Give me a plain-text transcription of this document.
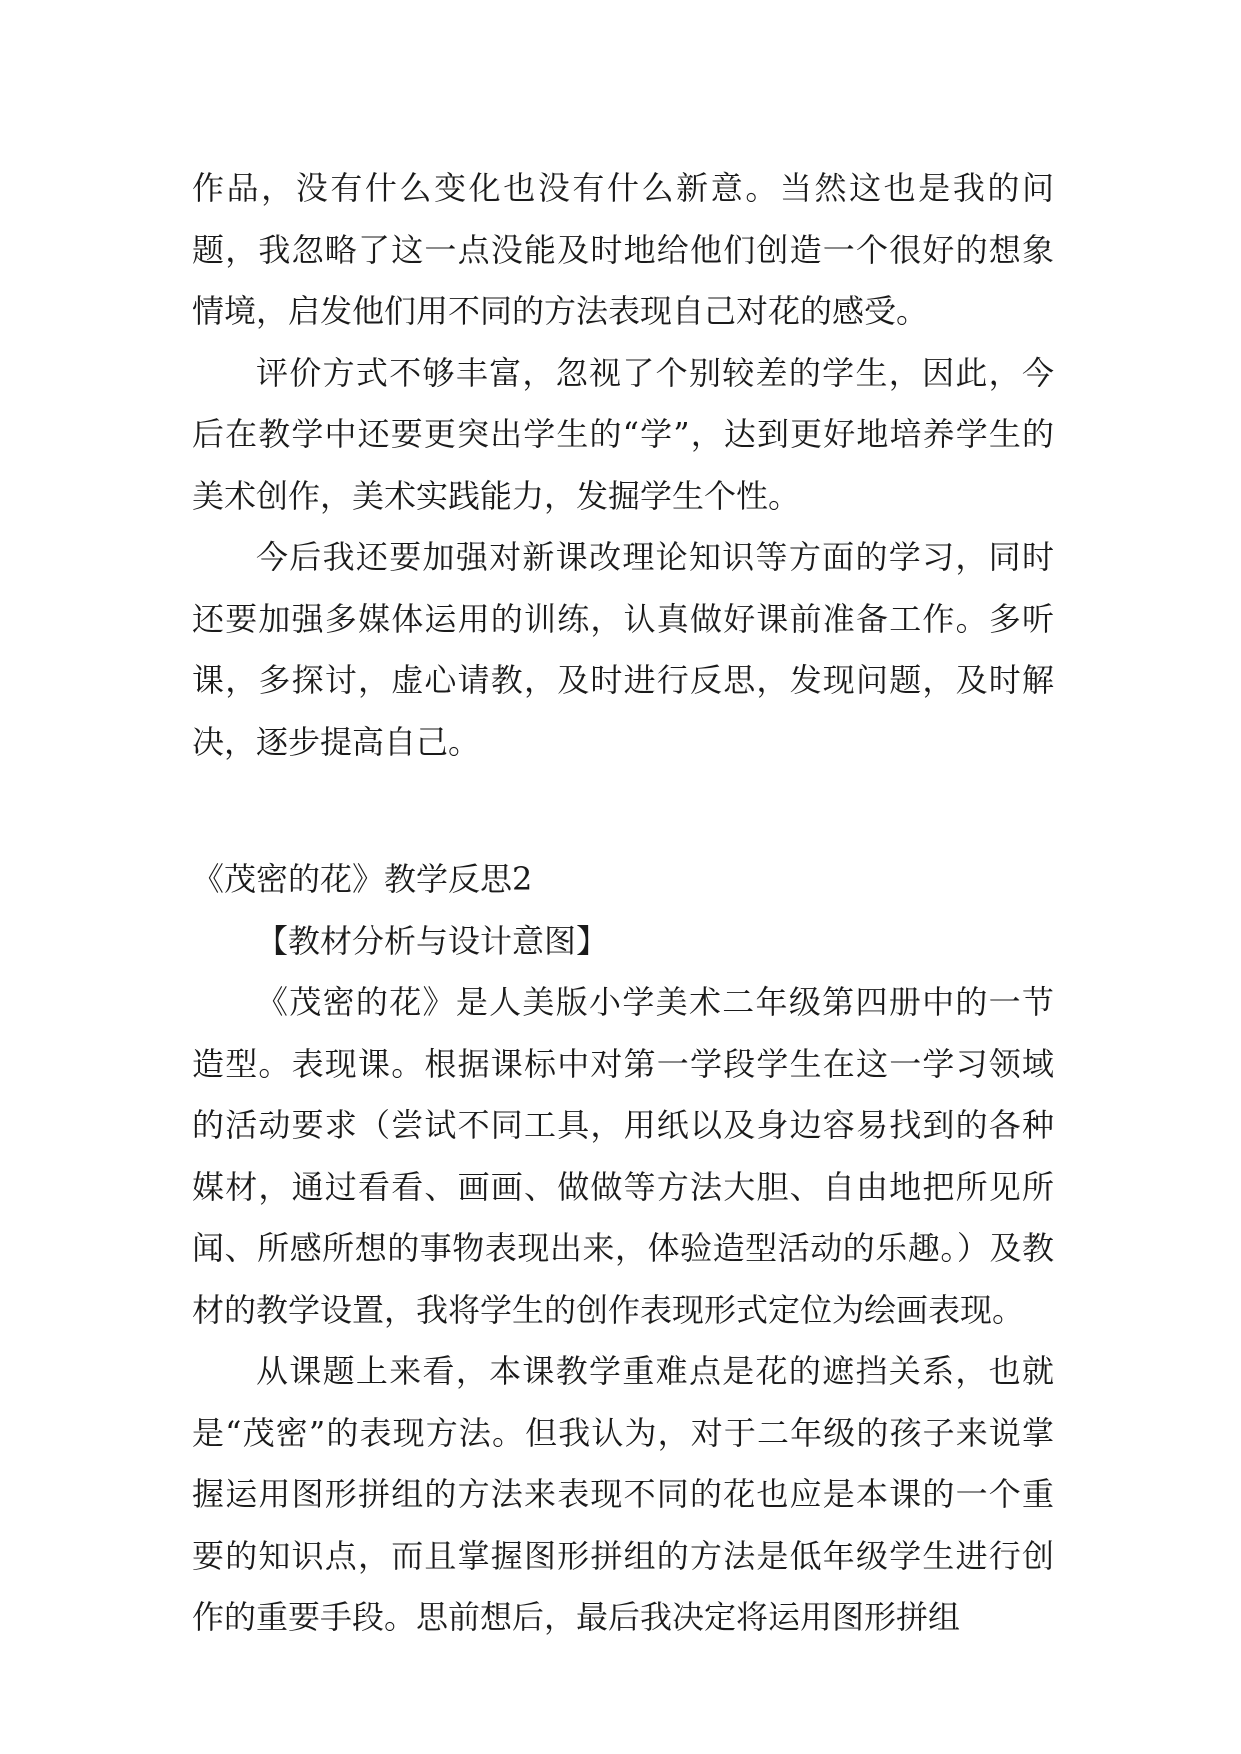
作品，没有什么变化也没有什么新意。当然这也是我的问题，我忽略了这一点没能及时地给他们创造一个很好的想象情境，启发他们用不同的方法表现自己对花的感受。

评价方式不够丰富，忽视了个别较差的学生，因此，今后在教学中还要更突出学生的“学”，达到更好地培养学生的美术创作，美术实践能力，发掘学生个性。

今后我还要加强对新课改理论知识等方面的学习，同时还要加强多媒体运用的训练，认真做好课前准备工作。多听课，多探讨，虚心请教，及时进行反思，发现问题，及时解决，逐步提高自己。

《茂密的花》教学反思2

【教材分析与设计意图】

《茂密的花》是人美版小学美术二年级第四册中的一节造型。表现课。根据课标中对第一学段学生在这一学习领域的活动要求（尝试不同工具，用纸以及身边容易找到的各种媒材，通过看看、画画、做做等方法大胆、自由地把所见所闻、所感所想的事物表现出来，体验造型活动的乐趣。）及教材的教学设置，我将学生的创作表现形式定位为绘画表现。

从课题上来看，本课教学重难点是花的遮挡关系，也就是“茂密”的表现方法。但我认为，对于二年级的孩子来说掌握运用图形拼组的方法来表现不同的花也应是本课的一个重要的知识点，而且掌握图形拼组的方法是低年级学生进行创作的重要手段。思前想后，最后我决定将运用图形拼组
